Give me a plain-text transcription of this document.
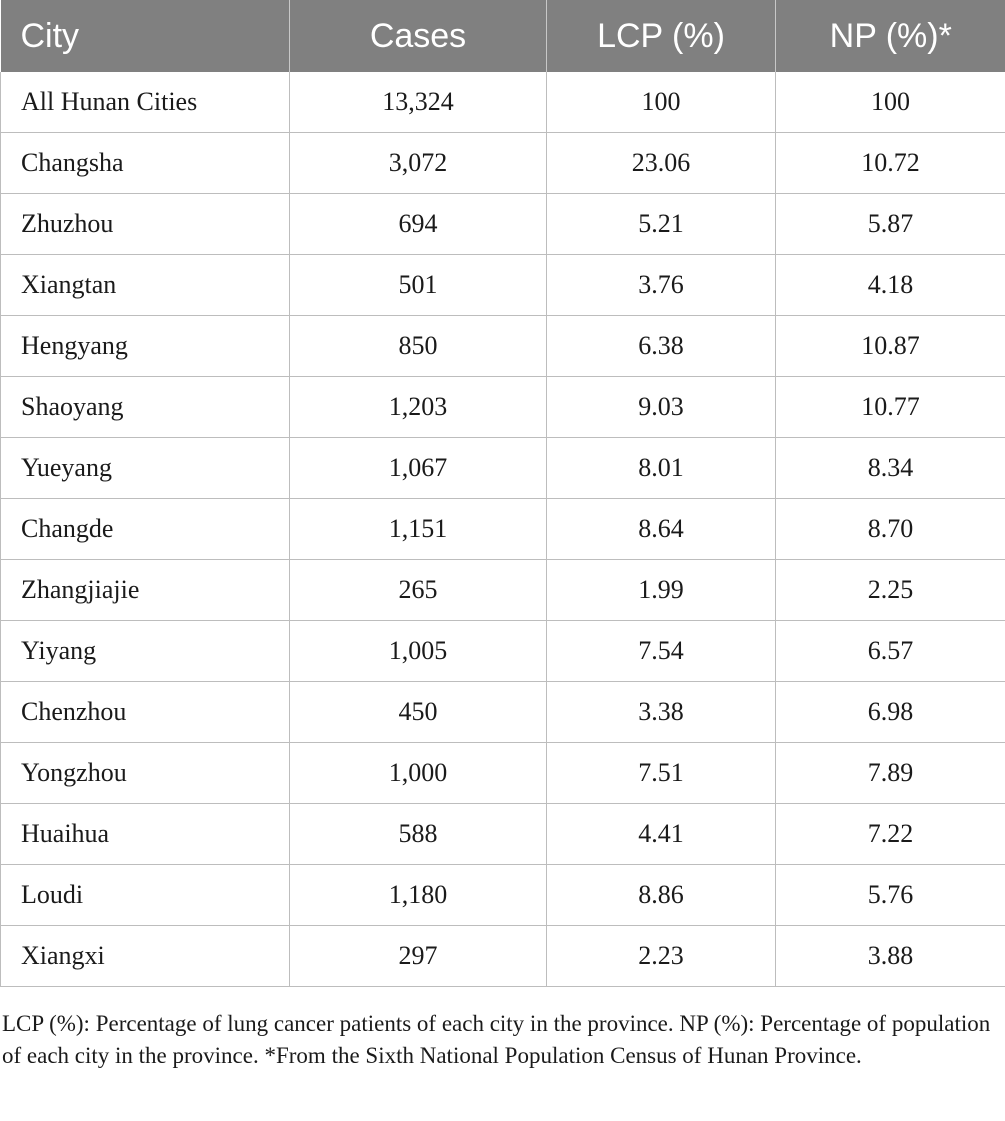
City	Cases	LCP (%)	NP (%)*
All Hunan Cities	13,324	100	100
Changsha	3,072	23.06	10.72
Zhuzhou	694	5.21	5.87
Xiangtan	501	3.76	4.18
Hengyang	850	6.38	10.87
Shaoyang	1,203	9.03	10.77
Yueyang	1,067	8.01	8.34
Changde	1,151	8.64	8.70
Zhangjiajie	265	1.99	2.25
Yiyang	1,005	7.54	6.57
Chenzhou	450	3.38	6.98
Yongzhou	1,000	7.51	7.89
Huaihua	588	4.41	7.22
Loudi	1,180	8.86	5.76
Xiangxi	297	2.23	3.88

LCP (%): Percentage of lung cancer patients of each city in the province. NP (%): Percentage of population of each city in the province. *From the Sixth National Population Census of Hunan Province.
